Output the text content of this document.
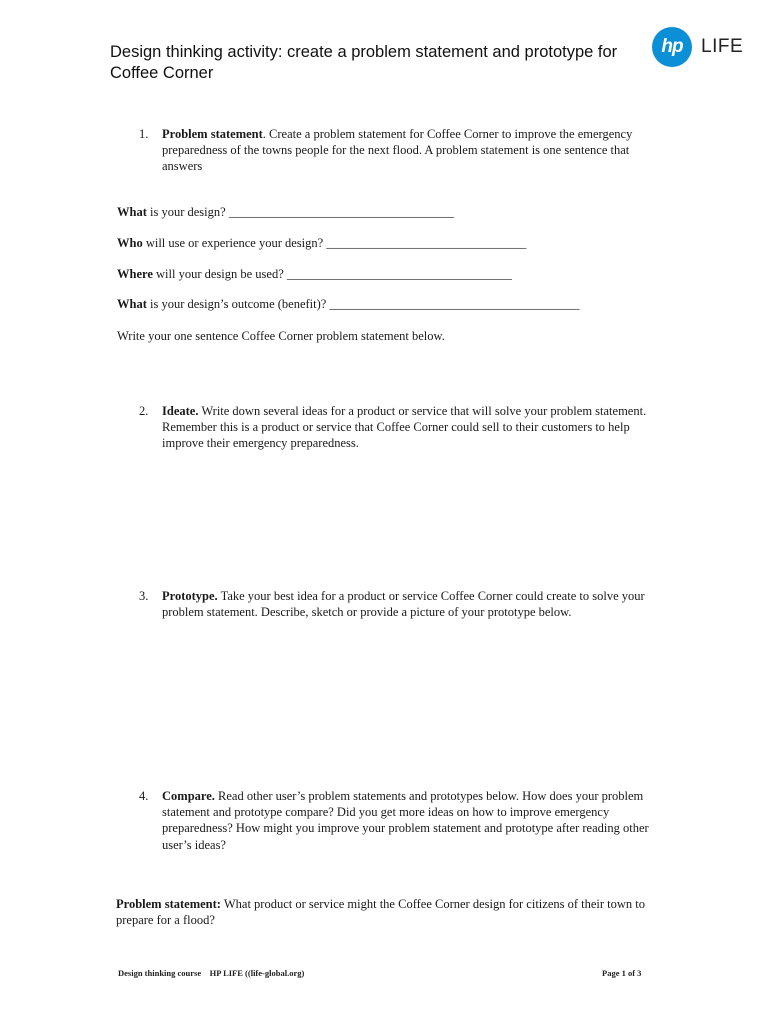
Design thinking activity: create a problem statement and prototype for Coffee Corner
hp LIFE
1. Problem statement. Create a problem statement for Coffee Corner to improve the emergency preparedness of the towns people for the next flood. A problem statement is one sentence that answers
What is your design? ____________________________________
Who will use or experience your design? ________________________________
Where will your design be used? ____________________________________
What is your design’s outcome (benefit)? ________________________________________
Write your one sentence Coffee Corner problem statement below.
2. Ideate. Write down several ideas for a product or service that will solve your problem statement. Remember this is a product or service that Coffee Corner could sell to their customers to help improve their emergency preparedness.
3. Prototype. Take your best idea for a product or service Coffee Corner could create to solve your problem statement. Describe, sketch or provide a picture of your prototype below.
4. Compare. Read other user’s problem statements and prototypes below. How does your problem statement and prototype compare? Did you get more ideas on how to improve emergency preparedness? How might you improve your problem statement and prototype after reading other user’s ideas?
Problem statement: What product or service might the Coffee Corner design for citizens of their town to prepare for a flood?
Design thinking course    HP LIFE ((life-global.org)	Page 1 of 3
